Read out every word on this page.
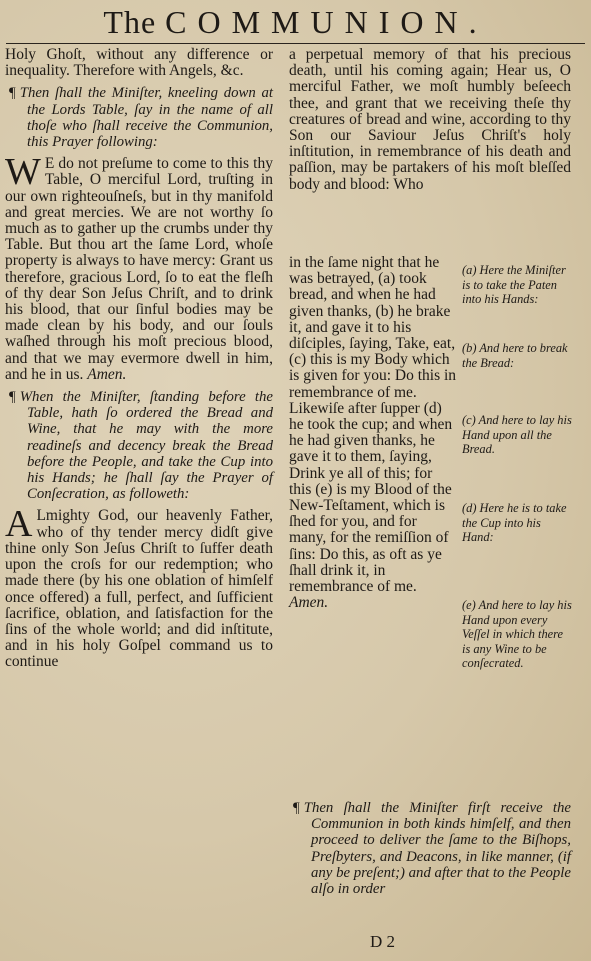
The COMMUNION.

Holy Ghoſt, without any difference or inequality. Therefore with Angels, &c.

¶ Then ſhall the Miniſter, kneeling down at the Lords Table, ſay in the name of all thoſe who ſhall receive the Communion, this Prayer following:

W E do not preſume to come to this thy Table, O merciful Lord, truſting in our own righteouſneſs, but in thy manifold and great mercies. We are not worthy ſo much as to gather up the crumbs under thy Table. But thou art the ſame Lord, whoſe property is always to have mercy: Grant us therefore, gracious Lord, ſo to eat the fleſh of thy dear Son Jeſus Chriſt, and to drink his blood, that our ſinful bodies may be made clean by his body, and our ſouls waſhed through his moſt precious blood, and that we may evermore dwell in him, and he in us. Amen.

¶ When the Miniſter, ſtanding before the Table, hath ſo ordered the Bread and Wine, that he may with the more readineſs and decency break the Bread before the People, and take the Cup into his Hands; he ſhall ſay the Prayer of Conſecration, as followeth:

A Lmighty God, our heavenly Father, who of thy tender mercy didſt give thine only Son Jeſus Chriſt to ſuffer death upon the croſs for our redemption; who made there (by his one oblation of himſelf once offered) a full, perfect, and ſufficient ſacrifice, oblation, and ſatisfaction for the ſins of the whole world; and did inſtitute, and in his holy Goſpel command us to continue

a perpetual memory of that his precious death, until his coming again; Hear us, O merciful Father, we moſt humbly beſeech thee, and grant that we receiving theſe thy creatures of bread and wine, according to thy Son our Saviour Jeſus Chriſt's holy inſtitution, in remembrance of his death and paſſion, may be partakers of his moſt bleſſed body and blood: Who

in the ſame night that he was betrayed, (a) took bread, and when he had given thanks, (b) he brake it, and gave it to his diſciples, ſaying, Take, eat, (c) this is my Body which is given for you: Do this in remembrance of me. Likewiſe after ſupper (d) he took the cup; and when he had given thanks, he gave it to them, ſaying, Drink ye all of this; for this (e) is my Blood of the New-Teſtament, which is ſhed for you, and for many, for the remiſſion of ſins: Do this, as oft as ye ſhall drink it, in remembrance of me. Amen.
(a) Here the Miniſter is to take the Paten into his Hands:
(b) And here to break the Bread:
(c) And here to lay his Hand upon all the Bread.
(d) Here he is to take the Cup into his Hand:
(e) And here to lay his Hand upon every Veſſel in which there is any Wine to be conſecrated.

¶ Then ſhall the Miniſter firſt receive the Communion in both kinds himſelf, and then proceed to deliver the ſame to the Biſhops, Preſbyters, and Deacons, in like manner, (if any be preſent;) and after that to the People alſo in order

D 2
